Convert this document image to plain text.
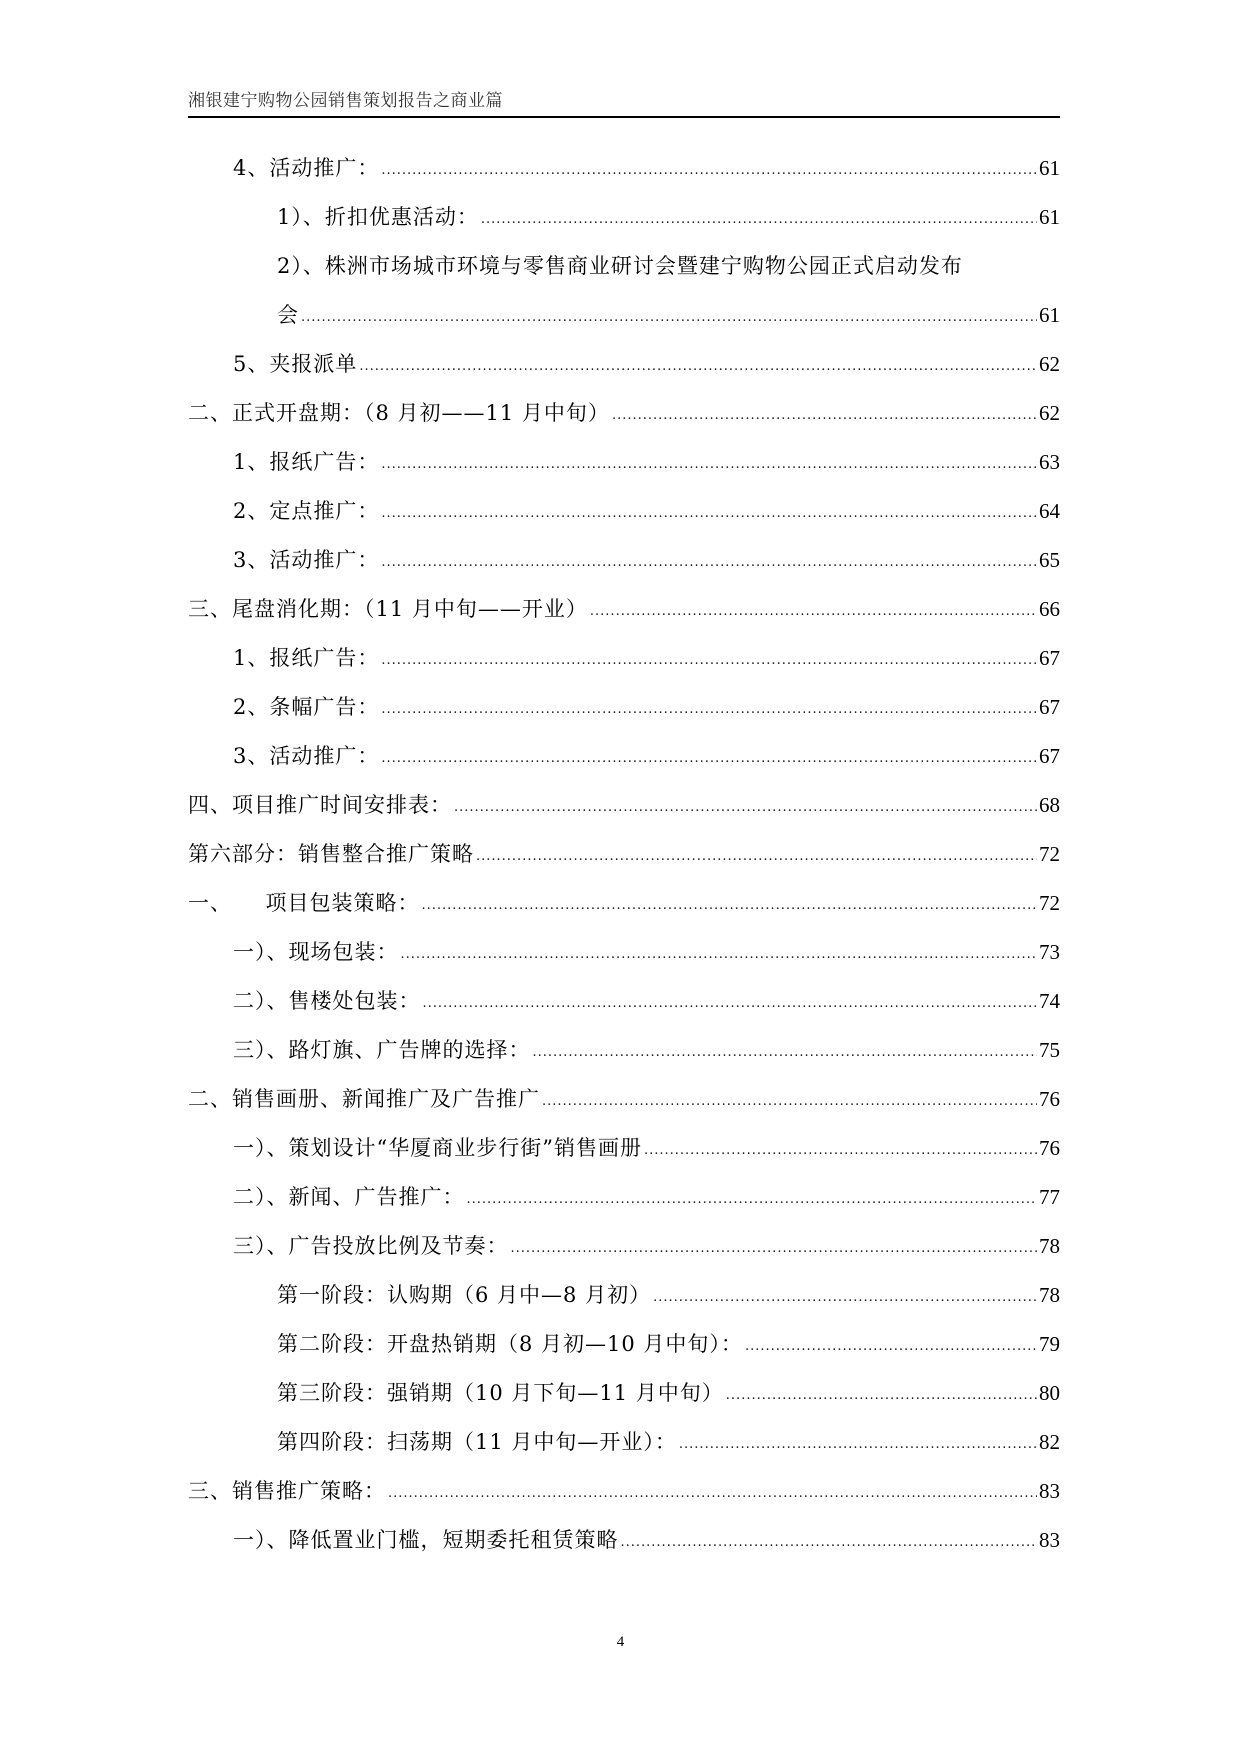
湘银建宁购物公园销售策划报告之商业篇
4、活动推广： .....	61
1）、折扣优惠活动： .....	61
2）、株洲市场城市环境与零售商业研讨会暨建宁购物公园正式启动发布
会 .....	61
5、夹报派单 .....	62
二、正式开盘期：（8 月初——11 月中旬） .....	62
1、报纸广告： .....	63
2、定点推广： .....	64
3、活动推广： .....	65
三、尾盘消化期：（11 月中旬——开业） .....	66
1、报纸广告： .....	67
2、条幅广告： .....	67
3、活动推广： .....	67
四、项目推广时间安排表： .....	68
第六部分：销售整合推广策略 .....	72
一、　　项目包装策略： .....	72
一）、现场包装： .....	73
二）、售楼处包装： .....	74
三）、路灯旗、广告牌的选择： .....	75
二、销售画册、新闻推广及广告推广 .....	76
一）、策划设计“华厦商业步行街”销售画册 .....	76
二）、新闻、广告推广： .....	77
三）、广告投放比例及节奏： .....	78
第一阶段：认购期（6 月中—8 月初） .....	78
第二阶段：开盘热销期（8 月初—10 月中旬）： .....	79
第三阶段：强销期（10 月下旬—11 月中旬） .....	80
第四阶段：扫荡期（11 月中旬—开业）： .....	82
三、销售推广策略： .....	83
一）、降低置业门槛，短期委托租赁策略 .....	83
4
